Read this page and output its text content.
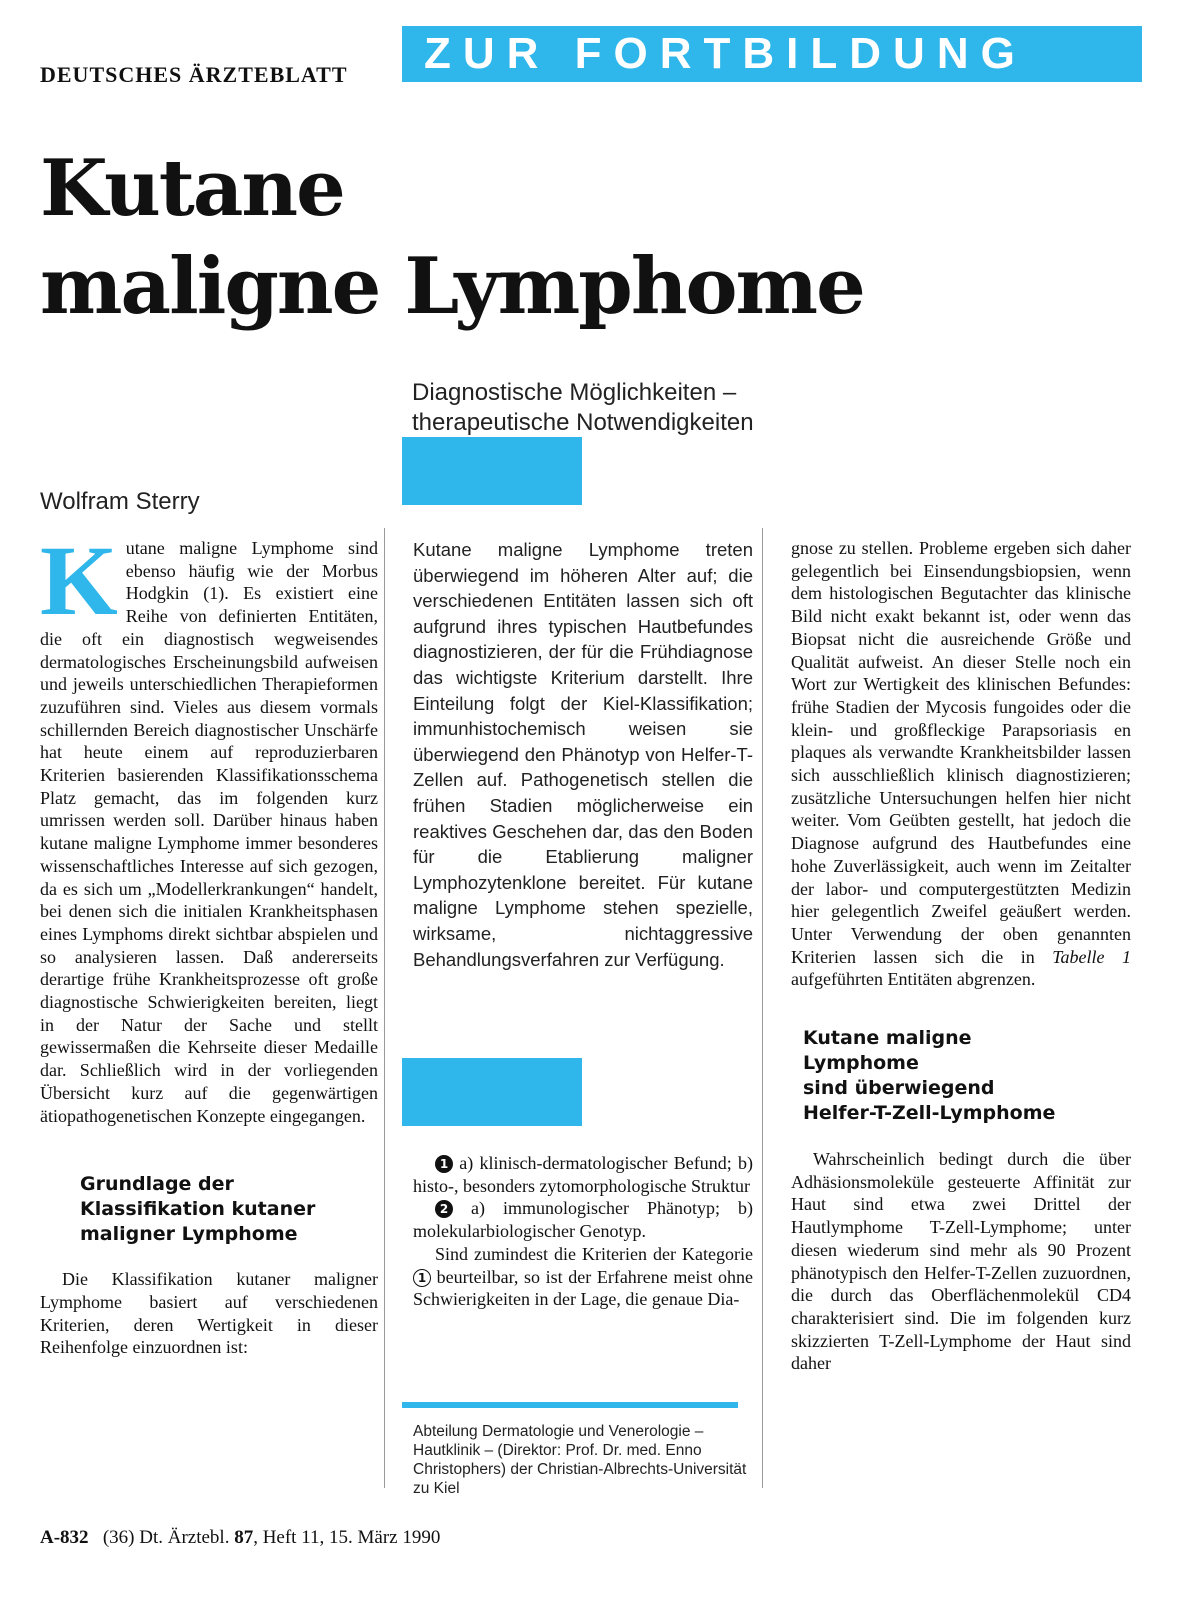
DEUTSCHES ÄRZTEBLATT	ZUR FORTBILDUNG
Kutane
maligne Lymphome
Diagnostische Möglichkeiten –
therapeutische Notwendigkeiten
Wolfram Sterry
K utane maligne Lymphome sind ebenso häufig wie der Morbus Hodgkin (1). Es existiert eine Reihe von definierten Entitäten, die oft ein diagnostisch wegweisendes dermatologisches Erscheinungsbild aufweisen und jeweils unterschiedlichen Therapieformen zuzuführen sind. Vieles aus diesem vormals schillernden Bereich diagnostischer Unschärfe hat heute einem auf reproduzierbaren Kriterien basierenden Klassifikationsschema Platz gemacht, das im folgenden kurz umrissen werden soll. Darüber hinaus haben kutane maligne Lymphome immer besonderes wissenschaftliches Interesse auf sich gezogen, da es sich um „Modellerkrankungen“ handelt, bei denen sich die initialen Krankheitsphasen eines Lymphoms direkt sichtbar abspielen und so analysieren lassen. Daß andererseits derartige frühe Krankheitsprozesse oft große diagnostische Schwierigkeiten bereiten, liegt in der Natur der Sache und stellt gewissermaßen die Kehrseite dieser Medaille dar. Schließlich wird in der vorliegenden Übersicht kurz auf die gegenwärtigen ätiopathogenetischen Konzepte eingegangen.

Grundlage der
Klassifikation kutaner
maligner Lymphome

Die Klassifikation kutaner maligner Lymphome basiert auf verschiedenen Kriterien, deren Wertigkeit in dieser Reihenfolge einzuordnen ist:

Kutane maligne Lymphome treten überwiegend im höheren Alter auf; die verschiedenen Entitäten lassen sich oft aufgrund ihres typischen Hautbefundes diagnostizieren, der für die Frühdiagnose das wichtigste Kriterium darstellt. Ihre Einteilung folgt der Kiel-Klassifikation; immunhistochemisch weisen sie überwiegend den Phänotyp von Helfer-T-Zellen auf. Pathogenetisch stellen die frühen Stadien möglicherweise ein reaktives Geschehen dar, das den Boden für die Etablierung maligner Lymphozytenklone bereitet. Für kutane maligne Lymphome stehen spezielle, wirksame, nichtaggressive Behandlungsverfahren zur Verfügung.

1 a) klinisch-dermatologischer Befund; b) histo-, besonders zytomorphologische Struktur

2 a) immunologischer Phänotyp; b) molekularbiologischer Genotyp.

Sind zumindest die Kriterien der Kategorie 1 beurteilbar, so ist der Erfahrene meist ohne Schwierigkeiten in der Lage, die genaue Dia-

Abteilung Dermatologie und Venerologie – Hautklinik – (Direktor: Prof. Dr. med. Enno Christophers) der Christian-Albrechts-Universität zu Kiel

gnose zu stellen. Probleme ergeben sich daher gelegentlich bei Einsendungsbiopsien, wenn dem histologischen Begutachter das klinische Bild nicht exakt bekannt ist, oder wenn das Biopsat nicht die ausreichende Größe und Qualität aufweist. An dieser Stelle noch ein Wort zur Wertigkeit des klinischen Befundes: frühe Stadien der Mycosis fungoides oder die klein- und großfleckige Parapsoriasis en plaques als verwandte Krankheitsbilder lassen sich ausschließlich klinisch diagnostizieren; zusätzliche Untersuchungen helfen hier nicht weiter. Vom Geübten gestellt, hat jedoch die Diagnose aufgrund des Hautbefundes eine hohe Zuverlässigkeit, auch wenn im Zeitalter der labor- und computergestützten Medizin hier gelegentlich Zweifel geäußert werden. Unter Verwendung der oben genannten Kriterien lassen sich die in Tabelle 1 aufgeführten Entitäten abgrenzen.

Kutane maligne
Lymphome
sind überwiegend
Helfer-T-Zell-Lymphome

Wahrscheinlich bedingt durch die über Adhäsionsmoleküle gesteuerte Affinität zur Haut sind etwa zwei Drittel der Hautlymphome T-Zell-Lymphome; unter diesen wiederum sind mehr als 90 Prozent phänotypisch den Helfer-T-Zellen zuzuordnen, die durch das Oberflächenmolekül CD4 charakterisiert sind. Die im folgenden kurz skizzierten T-Zell-Lymphome der Haut sind daher

A-832 (36) Dt. Ärztebl. 87, Heft 11, 15. März 1990
